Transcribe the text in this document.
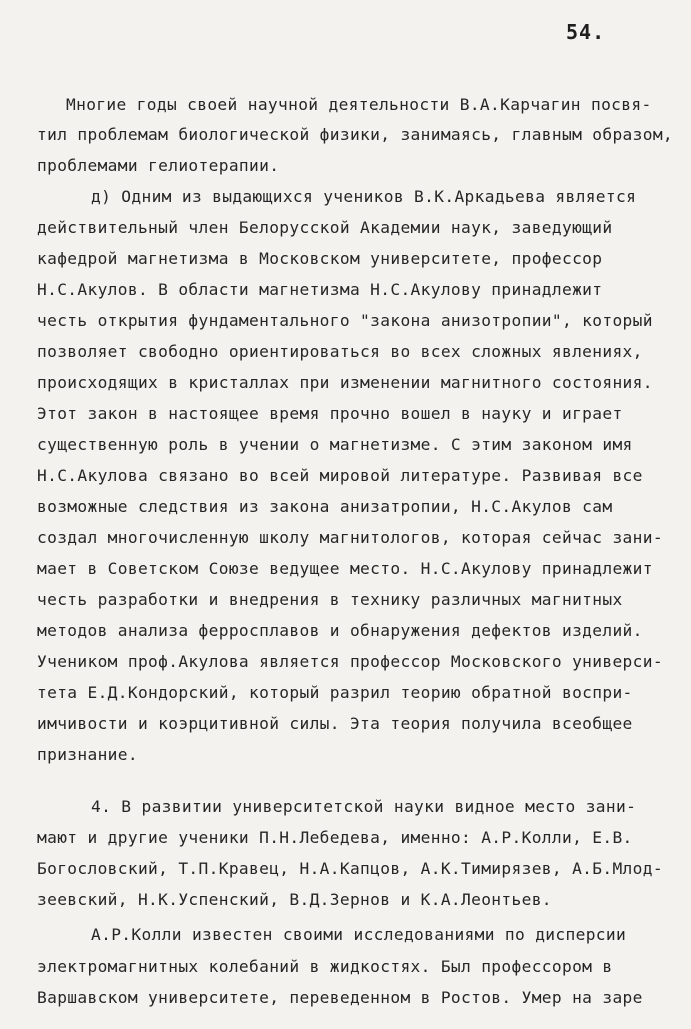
54.
Многие годы своей научной деятельности В.А.Карчагин посвя-
тил проблемам биологической физики, занимаясь, главным образом,
проблемами гелиотерапии.
д) Одним из выдающихся учеников В.К.Аркадьева является
действительный член Белорусской Академии наук, заведующий
кафедрой магнетизма в Московском университете, профессор
Н.С.Акулов. В области магнетизма Н.С.Акулову принадлежит
честь открытия фундаментального "закона анизотропии", который
позволяет свободно ориентироваться во всех сложных явлениях,
происходящих в кристаллах при изменении магнитного состояния.
Этот закон в настоящее время прочно вошел в науку и играет
существенную роль в учении о магнетизме. С этим законом имя
Н.С.Акулова связано во всей мировой литературе. Развивая все
возможные следствия из закона анизатропии, Н.С.Акулов сам
создал многочисленную школу магнитологов, которая сейчас зани-
мает в Советском Союзе ведущее место. Н.С.Акулову принадлежит
честь разработки и внедрения в технику различных магнитных
методов анализа ферросплавов и обнаружения дефектов изделий.
Учеником проф.Акулова является профессор Московского универси-
тета Е.Д.Кондорский, который разрил теорию обратной воспри-
имчивости и коэрцитивной силы. Эта теория получила всеобщее
признание.
4. В развитии университетской науки видное место зани-
мают и другие ученики П.Н.Лебедева, именно: А.Р.Колли, Е.В.
Богословский, Т.П.Кравец, Н.А.Капцов, А.К.Тимирязев, А.Б.Млод-
зеевский, Н.К.Успенский, В.Д.Зернов и К.А.Леонтьев.
А.Р.Колли известен своими исследованиями по дисперсии
электромагнитных колебаний в жидкостях. Был профессором в
Варшавском университете, переведенном в Ростов. Умер на заре
